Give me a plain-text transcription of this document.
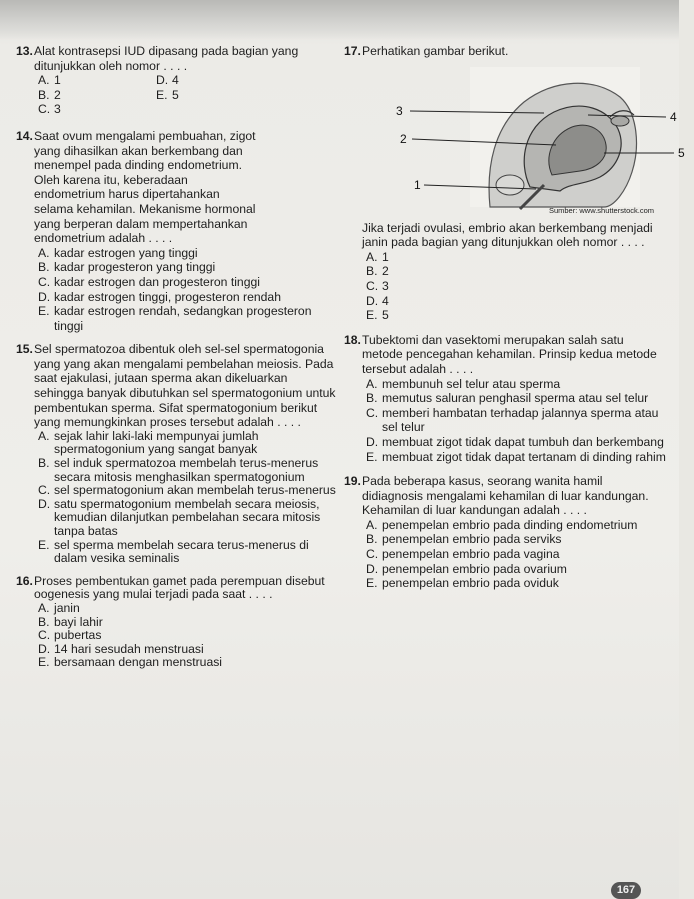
13. Alat kontrasepsi IUD dipasang pada bagian yang ditunjukkan oleh nomor . . . .
A. 1	D. 4
B. 2	E. 5
C. 3
14. Saat ovum mengalami pembuahan, zigot yang dihasilkan akan berkembang dan menempel pada dinding endometrium. Oleh karena itu, keberadaan endometrium harus dipertahankan selama kehamilan. Mekanisme hormonal yang berperan dalam mempertahankan endometrium adalah . . . .
A. kadar estrogen yang tinggi
B. kadar progesteron yang tinggi
C. kadar estrogen dan progesteron tinggi
D. kadar estrogen tinggi, progesteron rendah
E. kadar estrogen rendah, sedangkan progesteron tinggi
15. Sel spermatozoa dibentuk oleh sel-sel spermatogonia yang yang akan mengalami pembelahan meiosis. Pada saat ejakulasi, jutaan sperma akan dikeluarkan sehingga banyak dibutuhkan sel spermatogonium untuk pembentukan sperma. Sifat spermatogonium berikut yang memungkinkan proses tersebut adalah . . . .
A. sejak lahir laki-laki mempunyai jumlah spermatogonium yang sangat banyak
B. sel induk spermatozoa membelah terus-menerus secara mitosis menghasilkan spermatogonium
C. sel spermatogonium akan membelah terus-menerus
D. satu spermatogonium membelah secara meiosis, kemudian dilanjutkan pembelahan secara mitosis tanpa batas
E. sel sperma membelah secara terus-menerus di dalam vesika seminalis
16. Proses pembentukan gamet pada perempuan disebut oogenesis yang mulai terjadi pada saat . . . .
A. janin
B. bayi lahir
C. pubertas
D. 14 hari sesudah menstruasi
E. bersamaan dengan menstruasi
17. Perhatikan gambar berikut.
3	4
2
5
1
Sumber: www.shutterstock.com
Jika terjadi ovulasi, embrio akan berkembang menjadi janin pada bagian yang ditunjukkan oleh nomor . . . .
A. 1
B. 2
C. 3
D. 4
E. 5
18. Tubektomi dan vasektomi merupakan salah satu metode pencegahan kehamilan. Prinsip kedua metode tersebut adalah . . . .
A. membunuh sel telur atau sperma
B. memutus saluran penghasil sperma atau sel telur
C. memberi hambatan terhadap jalannya sperma atau sel telur
D. membuat zigot tidak dapat tumbuh dan berkembang
E. membuat zigot tidak dapat tertanam di dinding rahim
19. Pada beberapa kasus, seorang wanita hamil didiagnosis mengalami kehamilan di luar kandungan. Kehamilan di luar kandungan adalah . . . .
A. penempelan embrio pada dinding endometrium
B. penempelan embrio pada serviks
C. penempelan embrio pada vagina
D. penempelan embrio pada ovarium
E. penempelan embrio pada oviduk
167
